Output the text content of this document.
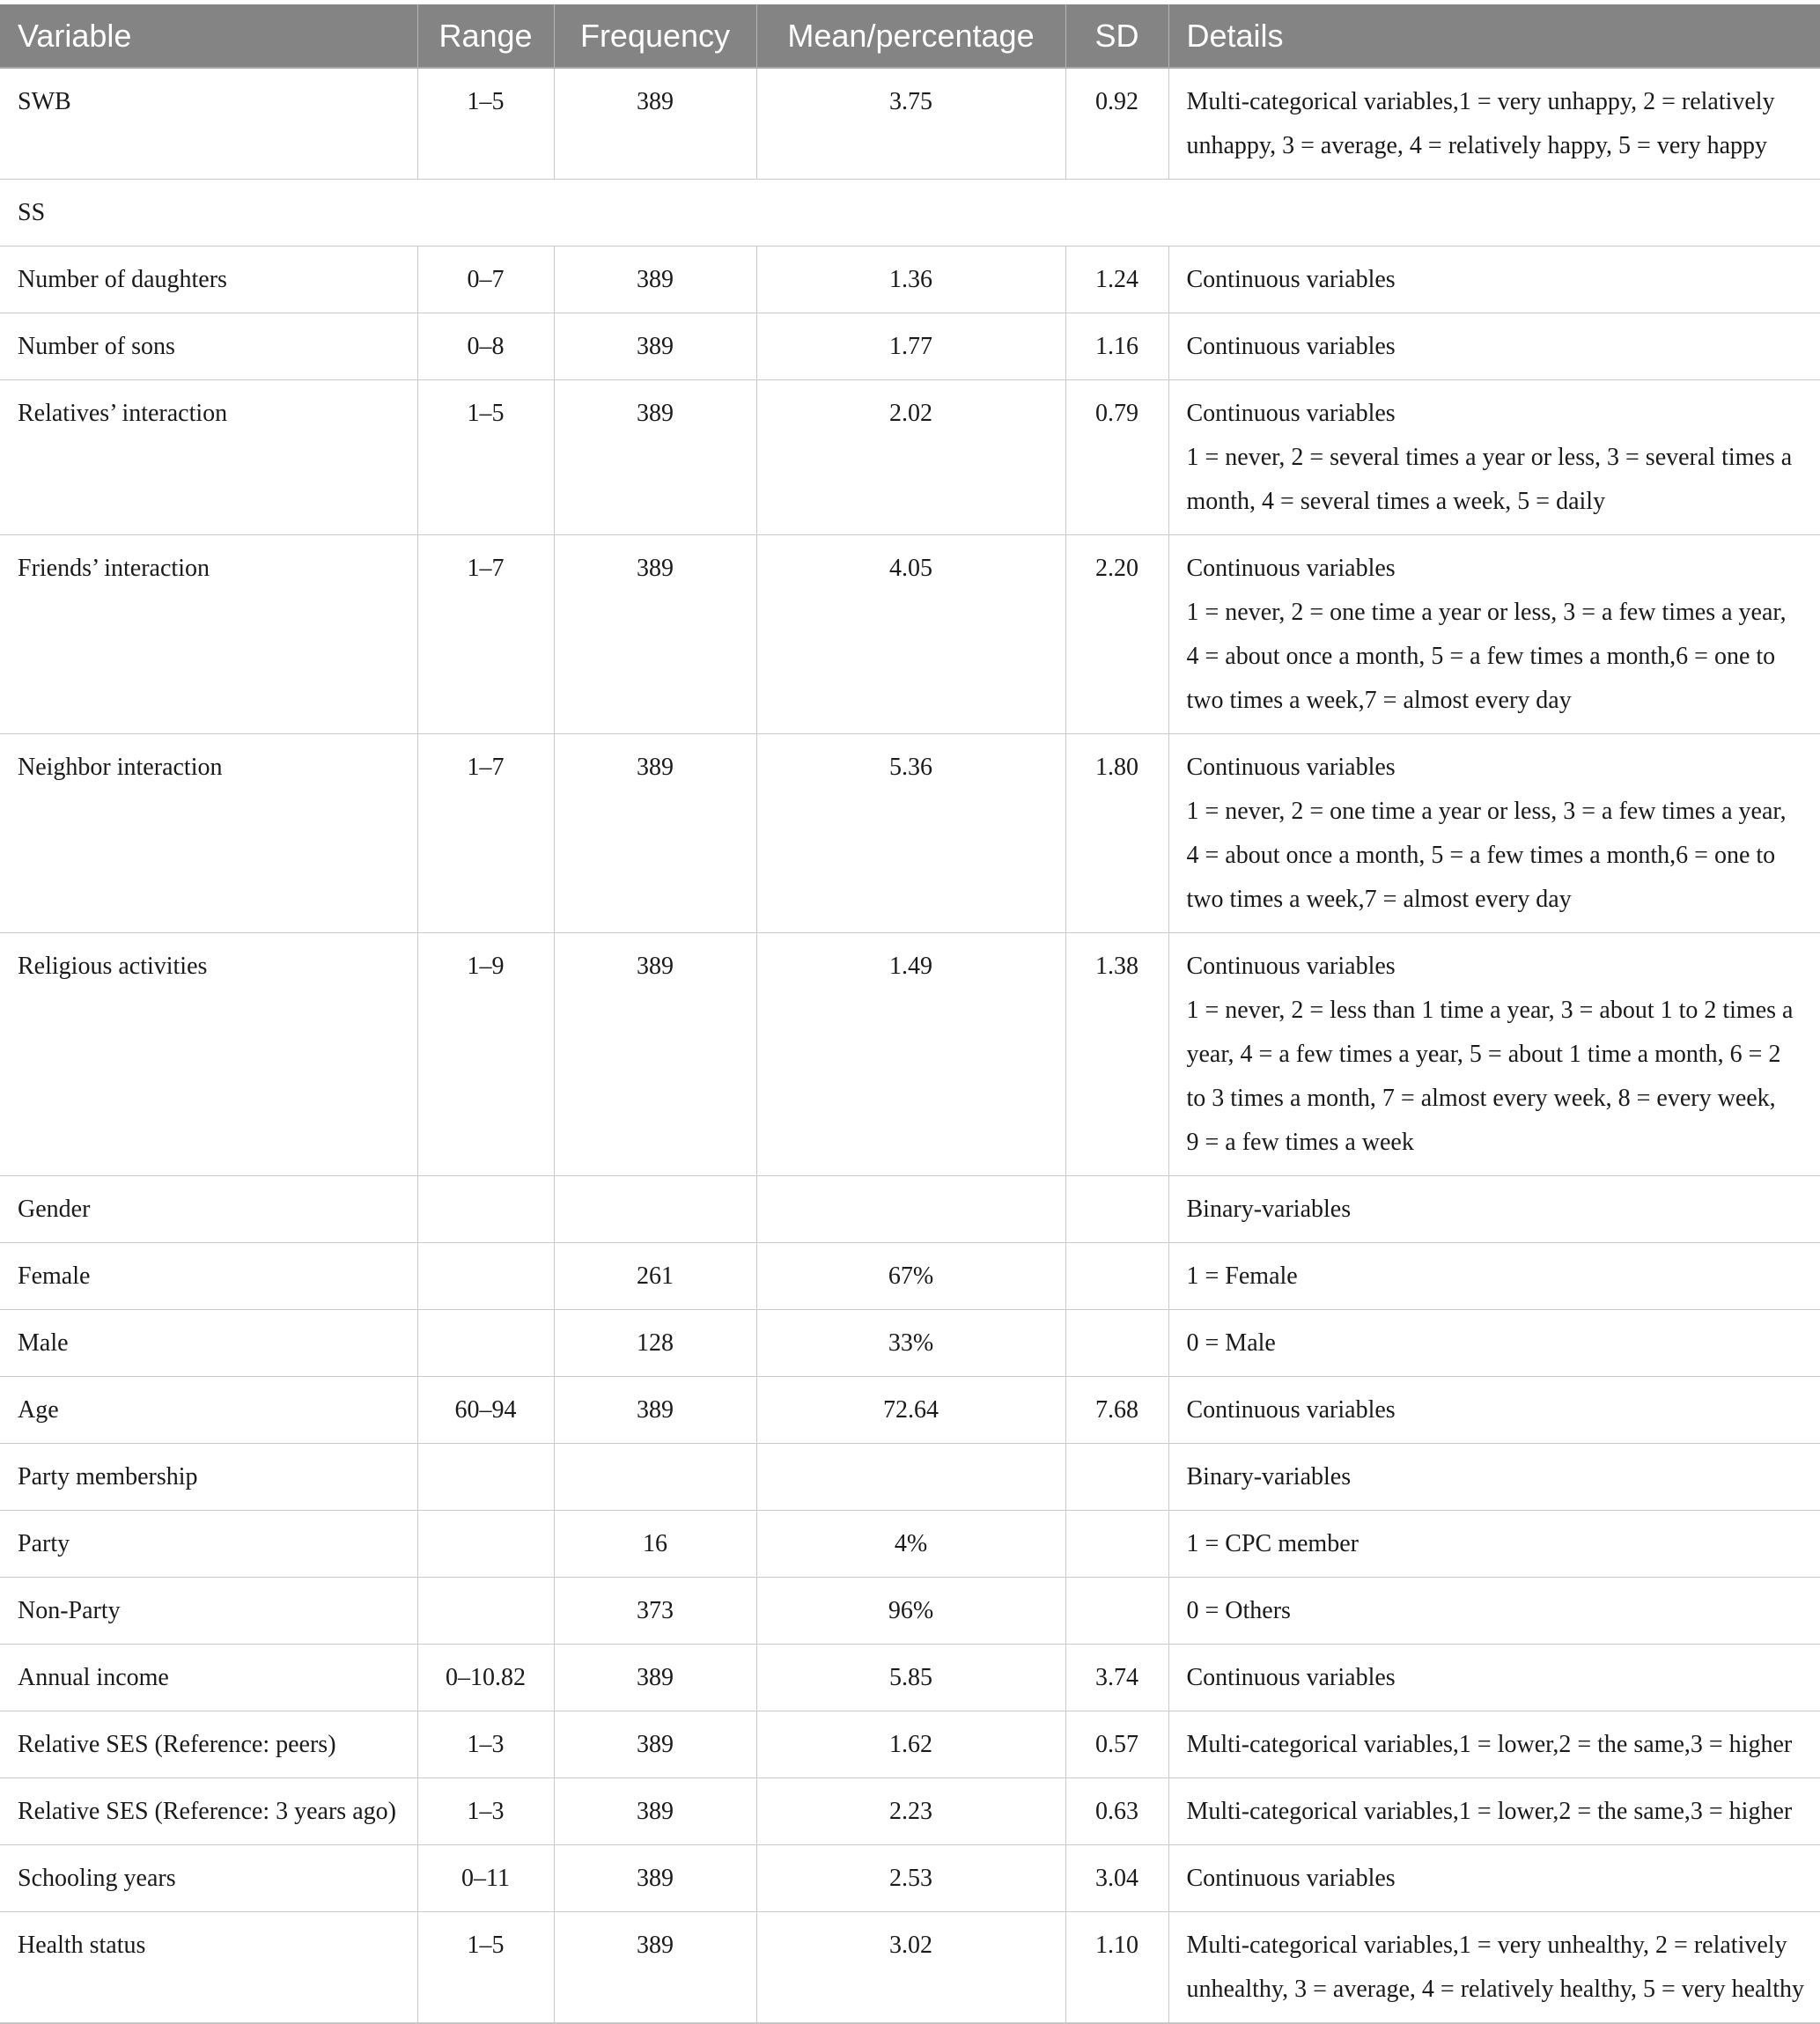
Variable	Range	Frequency	Mean/percentage	SD	Details
SWB	1–5	389	3.75	0.92	Multi-categorical variables,1 = very unhappy, 2 = relatively
unhappy, 3 = average, 4 = relatively happy, 5 = very happy

SS					
Number of daughters	0–7	389	1.36	1.24	Continuous variables

Number of sons	0–8	389	1.77	1.16	Continuous variables

Relatives’ interaction	1–5	389	2.02	0.79	Continuous variables
1 = never, 2 = several times a year or less, 3 = several times a
month, 4 = several times a week, 5 = daily

Friends’ interaction	1–7	389	4.05	2.20	Continuous variables
1 = never, 2 = one time a year or less, 3 = a few times a year,
4 = about once a month, 5 = a few times a month,6 = one to
two times a week,7 = almost every day

Neighbor interaction	1–7	389	5.36	1.80	Continuous variables
1 = never, 2 = one time a year or less, 3 = a few times a year,
4 = about once a month, 5 = a few times a month,6 = one to
two times a week,7 = almost every day

Religious activities	1–9	389	1.49	1.38	Continuous variables
1 = never, 2 = less than 1 time a year, 3 = about 1 to 2 times a
year, 4 = a few times a year, 5 = about 1 time a month, 6 = 2
to 3 times a month, 7 = almost every week, 8 = every week,
9 = a few times a week

Gender					Binary-variables

Female		261	67%		1 = Female

Male		128	33%		0 = Male

Age	60–94	389	72.64	7.68	Continuous variables

Party membership					Binary-variables

Party		16	4%		1 = CPC member

Non-Party		373	96%		0 = Others

Annual income	0–10.82	389	5.85	3.74	Continuous variables

Relative SES (Reference: peers)	1–3	389	1.62	0.57	Multi-categorical variables,1 = lower,2 = the same,3 = higher

Relative SES (Reference: 3 years ago)	1–3	389	2.23	0.63	Multi-categorical variables,1 = lower,2 = the same,3 = higher

Schooling years	0–11	389	2.53	3.04	Continuous variables

Health status	1–5	389	3.02	1.10	Multi-categorical variables,1 = very unhealthy, 2 = relatively
unhealthy, 3 = average, 4 = relatively healthy, 5 = very healthy
